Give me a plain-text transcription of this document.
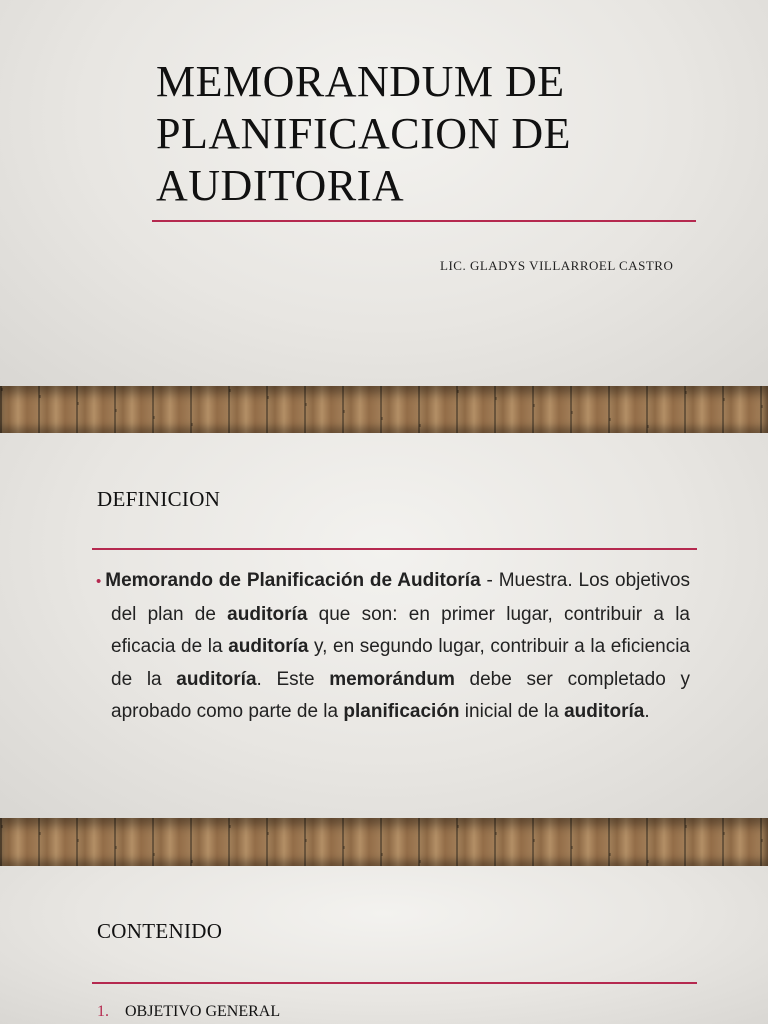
MEMORANDUM DE
PLANIFICACION DE
AUDITORIA
LIC. GLADYS VILLARROEL CASTRO
DEFINICION
• Memorando de Planificación de Auditoría - Muestra. Los objetivos del plan de auditoría que son: en primer lugar, contribuir a la eficacia de la auditoría y, en segundo lugar, contribuir a la eficiencia de la auditoría. Este memorándum debe ser completado y aprobado como parte de la planificación inicial de la auditoría.
CONTENIDO
1. OBJETIVO GENERAL
